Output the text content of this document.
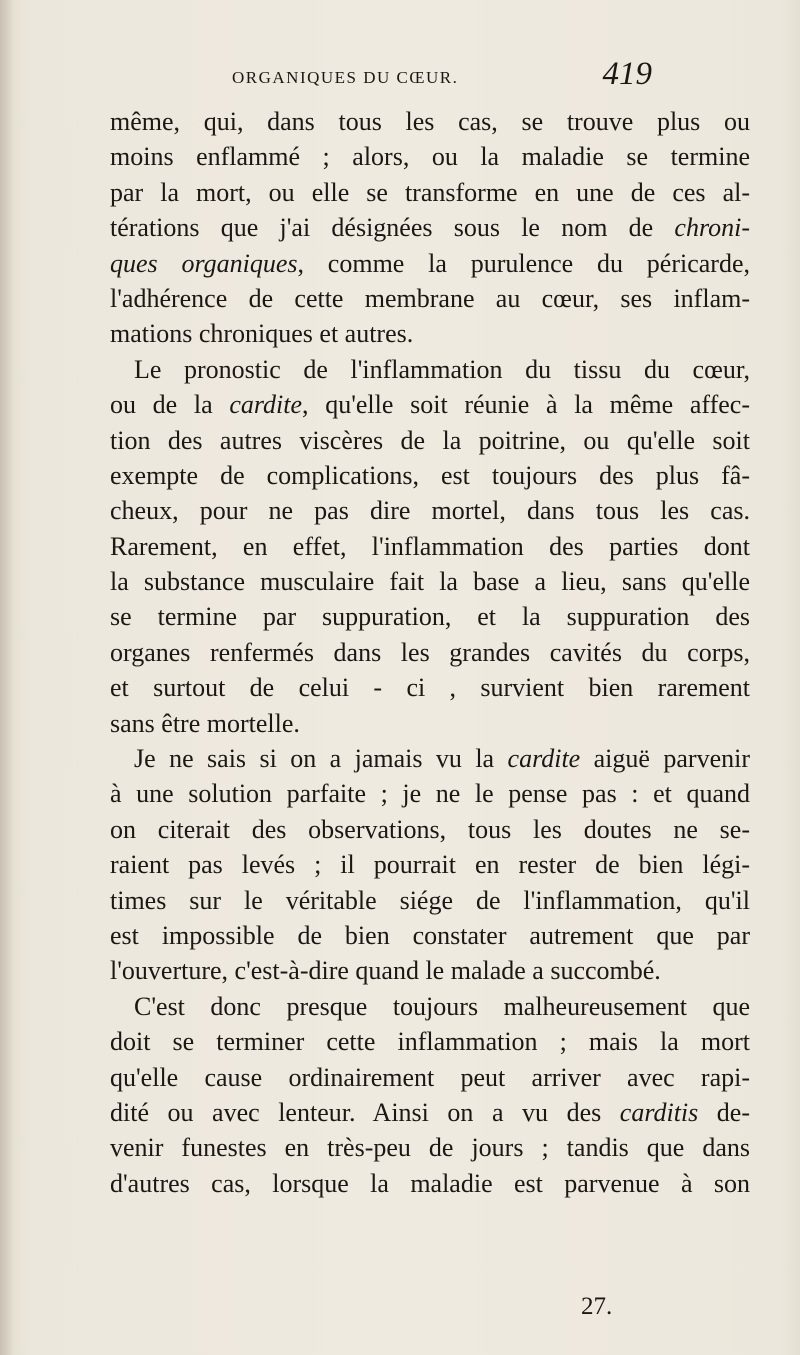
ORGANIQUES DU CŒUR.	419
même, qui, dans tous les cas, se trouve plus ou
moins enflammé ; alors, ou la maladie se termine
par la mort, ou elle se transforme en une de ces al-
térations que j'ai désignées sous le nom de chroni-
ques organiques, comme la purulence du péricarde,
l'adhérence de cette membrane au cœur, ses inflam-
mations chroniques et autres.
Le pronostic de l'inflammation du tissu du cœur,
ou de la cardite, qu'elle soit réunie à la même affec-
tion des autres viscères de la poitrine, ou qu'elle soit
exempte de complications, est toujours des plus fâ-
cheux, pour ne pas dire mortel, dans tous les cas.
Rarement, en effet, l'inflammation des parties dont
la substance musculaire fait la base a lieu, sans qu'elle
se termine par suppuration, et la suppuration des
organes renfermés dans les grandes cavités du corps,
et surtout de celui - ci , survient bien rarement
sans être mortelle.
Je ne sais si on a jamais vu la cardite aiguë parvenir
à une solution parfaite ; je ne le pense pas : et quand
on citerait des observations, tous les doutes ne se-
raient pas levés ; il pourrait en rester de bien légi-
times sur le véritable siége de l'inflammation, qu'il
est impossible de bien constater autrement que par
l'ouverture, c'est-à-dire quand le malade a succombé.
C'est donc presque toujours malheureusement que
doit se terminer cette inflammation ; mais la mort
qu'elle cause ordinairement peut arriver avec rapi-
dité ou avec lenteur. Ainsi on a vu des carditis de-
venir funestes en très-peu de jours ; tandis que dans
d'autres cas, lorsque la maladie est parvenue à son
27.
